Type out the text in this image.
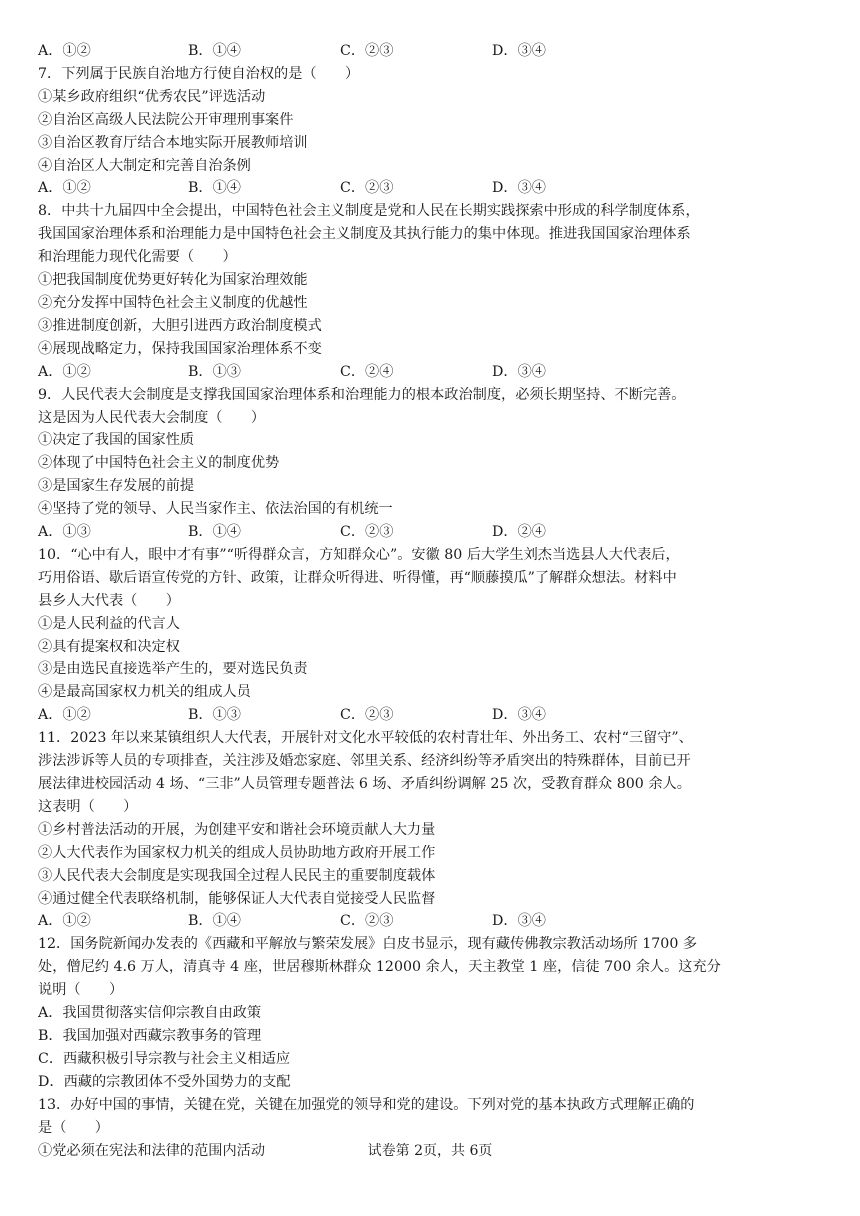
A．①②	B．①④	C．②③	D．③④
7．下列属于民族自治地方行使自治权的是（　　）
①某乡政府组织“优秀农民”评选活动
②自治区高级人民法院公开审理刑事案件
③自治区教育厅结合本地实际开展教师培训
④自治区人大制定和完善自治条例
A．①②	B．①④	C．②③	D．③④
8．中共十九届四中全会提出，中国特色社会主义制度是党和人民在长期实践探索中形成的科学制度体系，
我国国家治理体系和治理能力是中国特色社会主义制度及其执行能力的集中体现。推进我国国家治理体系
和治理能力现代化需要（　　）
①把我国制度优势更好转化为国家治理效能
②充分发挥中国特色社会主义制度的优越性
③推进制度创新，大胆引进西方政治制度模式
④展现战略定力，保持我国国家治理体系不变
A．①②	B．①③	C．②④	D．③④
9．人民代表大会制度是支撑我国国家治理体系和治理能力的根本政治制度，必须长期坚持、不断完善。
这是因为人民代表大会制度（　　）
①决定了我国的国家性质
②体现了中国特色社会主义的制度优势
③是国家生存发展的前提
④坚持了党的领导、人民当家作主、依法治国的有机统一
A．①③	B．①④	C．②③	D．②④
10．“心中有人，眼中才有事”“听得群众言，方知群众心”。安徽 80 后大学生刘杰当选县人大代表后，
巧用俗语、歇后语宣传党的方针、政策，让群众听得进、听得懂，再“顺藤摸瓜”了解群众想法。材料中
县乡人大代表（　　）
①是人民利益的代言人
②具有提案权和决定权
③是由选民直接选举产生的，要对选民负责
④是最高国家权力机关的组成人员
A．①②	B．①③	C．②③	D．③④
11．2023 年以来某镇组织人大代表，开展针对文化水平较低的农村青壮年、外出务工、农村“三留守”、
涉法涉诉等人员的专项排查，关注涉及婚恋家庭、邻里关系、经济纠纷等矛盾突出的特殊群体，目前已开
展法律进校园活动 4 场、“三非”人员管理专题普法 6 场、矛盾纠纷调解 25 次，受教育群众 800 余人。
这表明（　　）
①乡村普法活动的开展，为创建平安和谐社会环境贡献人大力量
②人大代表作为国家权力机关的组成人员协助地方政府开展工作
③人民代表大会制度是实现我国全过程人民民主的重要制度载体
④通过健全代表联络机制，能够保证人大代表自觉接受人民监督
A．①②	B．①④	C．②③	D．③④
12．国务院新闻办发表的《西藏和平解放与繁荣发展》白皮书显示，现有藏传佛教宗教活动场所 1700 多
处，僧尼约 4.6 万人，清真寺 4 座，世居穆斯林群众 12000 余人，天主教堂 1 座，信徒 700 余人。这充分
说明（　　）
A．我国贯彻落实信仰宗教自由政策
B．我国加强对西藏宗教事务的管理
C．西藏积极引导宗教与社会主义相适应
D．西藏的宗教团体不受外国势力的支配
13．办好中国的事情，关键在党，关键在加强党的领导和党的建设。下列对党的基本执政方式理解正确的
是（　　）
①党必须在宪法和法律的范围内活动	试卷第 2页，共 6页
